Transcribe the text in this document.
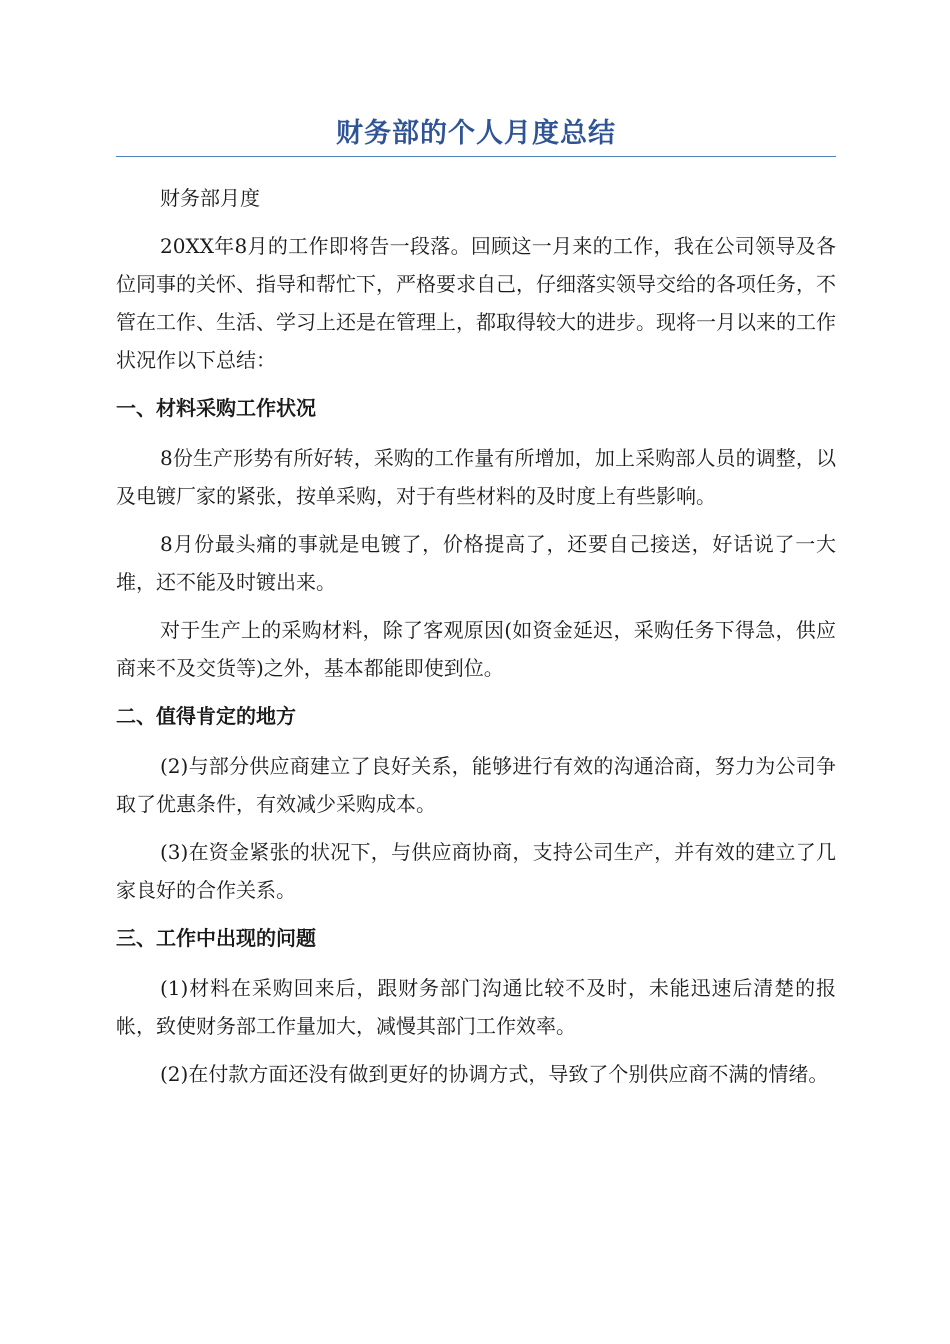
财务部的个人月度总结

财务部月度

20XX年8月的工作即将告一段落。回顾这一月来的工作，我在公司领导及各位同事的关怀、指导和帮忙下，严格要求自己，仔细落实领导交给的各项任务，不管在工作、生活、学习上还是在管理上，都取得较大的进步。现将一月以来的工作状况作以下总结：

一、材料采购工作状况

8份生产形势有所好转，采购的工作量有所增加，加上采购部人员的调整，以及电镀厂家的紧张，按单采购，对于有些材料的及时度上有些影响。

8月份最头痛的事就是电镀了，价格提高了，还要自己接送，好话说了一大堆，还不能及时镀出来。

对于生产上的采购材料，除了客观原因(如资金延迟，采购任务下得急，供应商来不及交货等)之外，基本都能即使到位。

二、值得肯定的地方

(2)与部分供应商建立了良好关系，能够进行有效的沟通洽商，努力为公司争取了优惠条件，有效减少采购成本。

(3)在资金紧张的状况下，与供应商协商，支持公司生产，并有效的建立了几家良好的合作关系。

三、工作中出现的问题

(1)材料在采购回来后，跟财务部门沟通比较不及时，未能迅速后清楚的报帐，致使财务部工作量加大，减慢其部门工作效率。

(2)在付款方面还没有做到更好的协调方式，导致了个别供应商不满的情绪。
